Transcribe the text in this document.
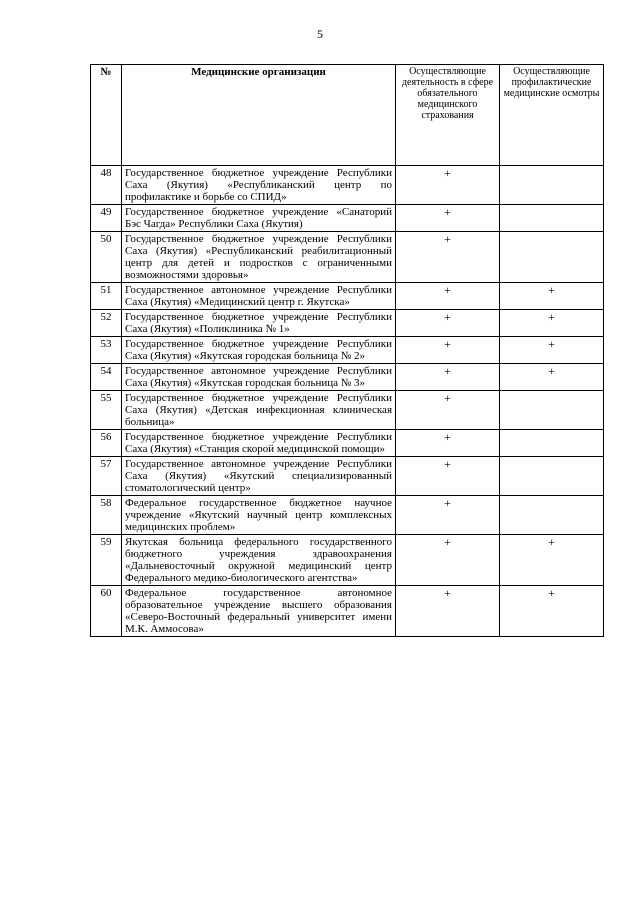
5
№	Медицинские организации	Осуществляющие деятельность в сфере обязательного медицинского страхования	Осуществляющие профилактические медицинские осмотры
48	Государственное бюджетное учреждение Республики Саха (Якутия) «Республиканский центр по профилактике и борьбе со СПИД»	+	
49	Государственное бюджетное учреждение «Санаторий Бэс Чагда» Республики Саха (Якутия)	+	
50	Государственное бюджетное учреждение Республики Саха (Якутия) «Республиканский реабилитационный центр для детей и подростков с ограниченными возможностями здоровья»	+	
51	Государственное автономное учреждение Республики Саха (Якутия) «Медицинский центр г. Якутска»	+	+
52	Государственное бюджетное учреждение Республики Саха (Якутия) «Поликлиника № 1»	+	+
53	Государственное бюджетное учреждение Республики Саха (Якутия) «Якутская городская больница № 2»	+	+
54	Государственное автономное учреждение Республики Саха (Якутия) «Якутская городская больница № 3»	+	+
55	Государственное бюджетное учреждение Республики Саха (Якутия) «Детская инфекционная клиническая больница»	+	
56	Государственное бюджетное учреждение Республики Саха (Якутия) «Станция скорой медицинской помощи»	+	
57	Государственное автономное учреждение Республики Саха (Якутия) «Якутский специализированный стоматологический центр»	+	
58	Федеральное государственное бюджетное научное учреждение «Якутский научный центр комплексных медицинских проблем»	+	
59	Якутская больница федерального государственного бюджетного учреждения здравоохранения «Дальневосточный окружной медицинский центр Федерального медико-биологического агентства»	+	+
60	Федеральное государственное автономное образовательное учреждение высшего образования «Северо-Восточный федеральный университет имени М.К. Аммосова»	+	+
